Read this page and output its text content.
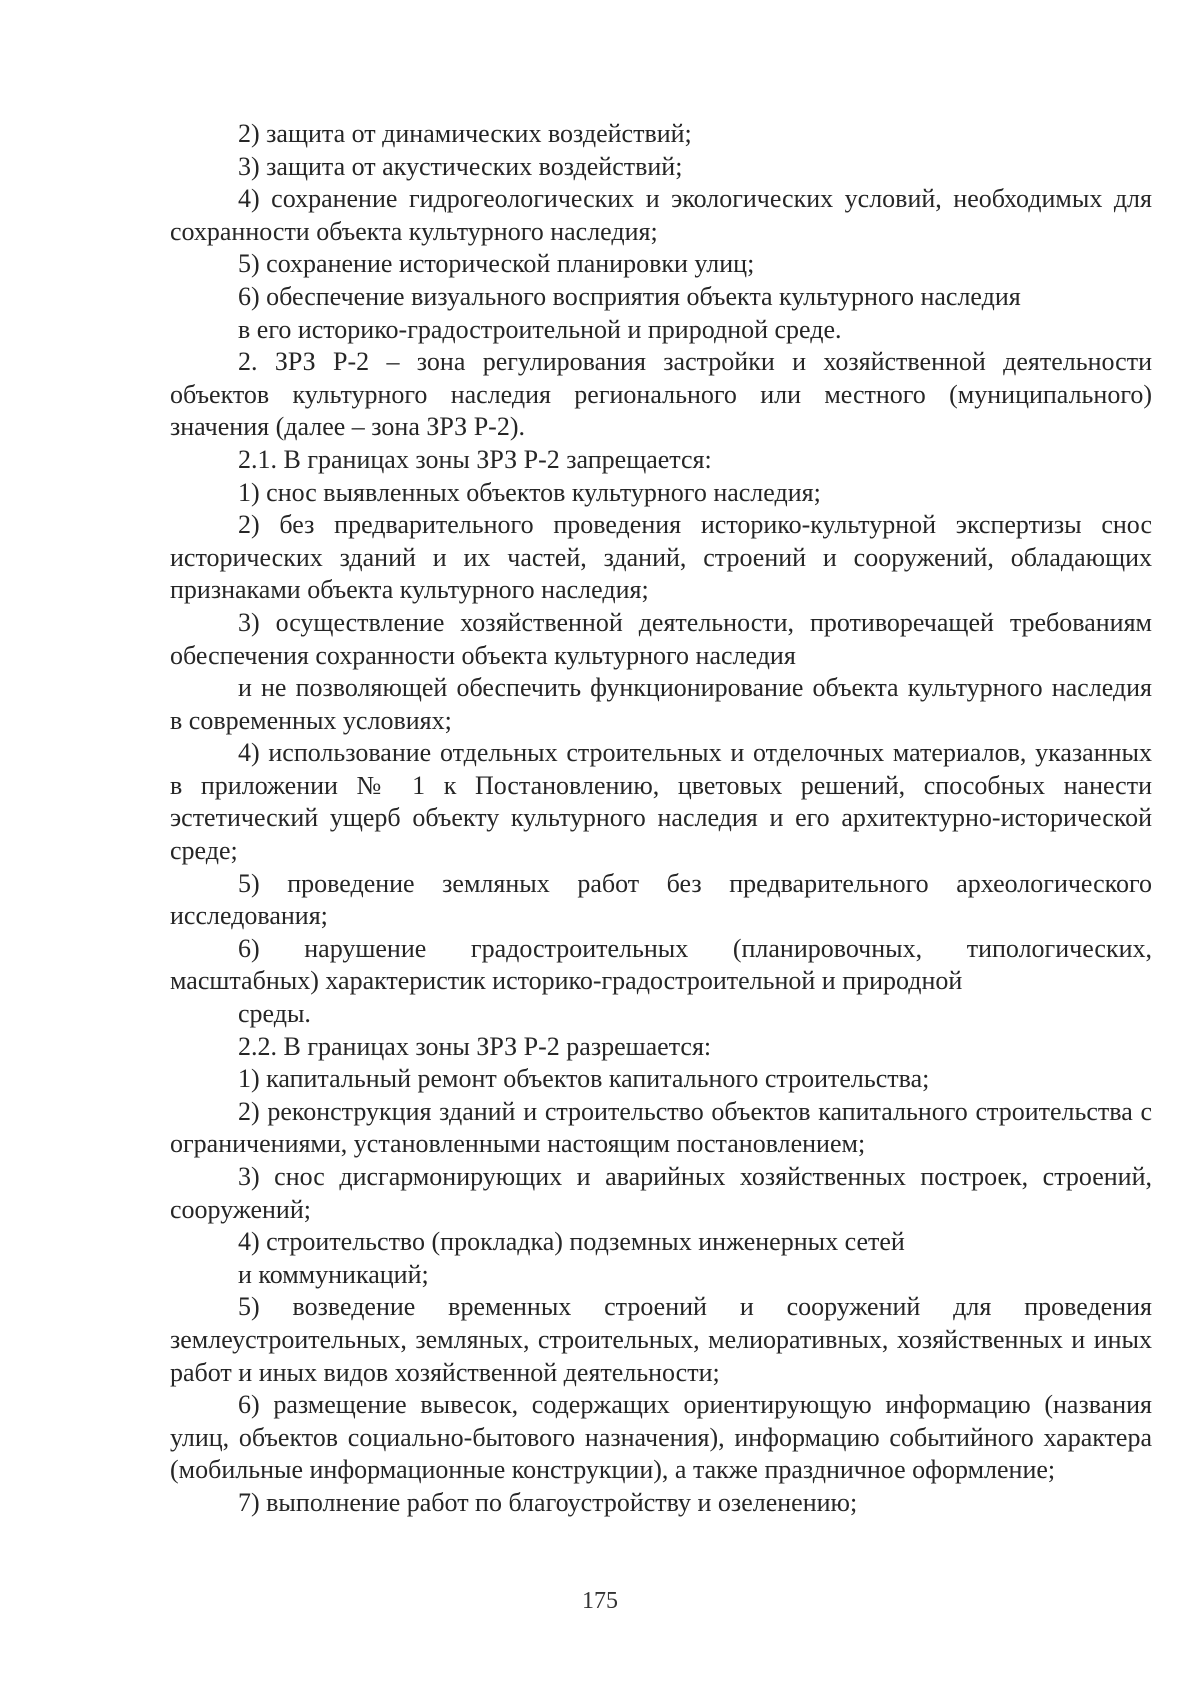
2) защита от динамических воздействий;

3) защита от акустических воздействий;

4) сохранение гидрогеологических и экологических условий, необходимых для сохранности объекта культурного наследия;

5) сохранение исторической планировки улиц;

6) обеспечение визуального восприятия объекта культурного наследия

в его историко-градостроительной и природной среде.

2. ЗРЗ Р-2 – зона регулирования застройки и хозяйственной деятельности объектов культурного наследия регионального или местного (муниципального) значения (далее – зона ЗРЗ Р-2).

2.1. В границах зоны ЗРЗ Р-2 запрещается:

1) снос выявленных объектов культурного наследия;

2) без предварительного проведения историко-культурной экспертизы снос исторических зданий и их частей, зданий, строений и сооружений, обладающих признаками объекта культурного наследия;

3) осуществление хозяйственной деятельности, противоречащей требованиям обеспечения сохранности объекта культурного наследия

и не позволяющей обеспечить функционирование объекта культурного наследия в современных условиях;

4) использование отдельных строительных и отделочных материалов, указанных в приложении № 1 к Постановлению, цветовых решений, способных нанести эстетический ущерб объекту культурного наследия и его архитектурно-исторической среде;

5) проведение земляных работ без предварительного археологического исследования;

6) нарушение градостроительных (планировочных, типологических, масштабных) характеристик историко-градостроительной и природной

среды.

2.2. В границах зоны ЗРЗ Р-2 разрешается:

1) капитальный ремонт объектов капитального строительства;

2) реконструкция зданий и строительство объектов капитального строительства с ограничениями, установленными настоящим постановлением;

3) снос дисгармонирующих и аварийных хозяйственных построек, строений, сооружений;

4) строительство (прокладка) подземных инженерных сетей

и коммуникаций;

5) возведение временных строений и сооружений для проведения землеустроительных, земляных, строительных, мелиоративных, хозяйственных и иных работ и иных видов хозяйственной деятельности;

6) размещение вывесок, содержащих ориентирующую информацию (названия улиц, объектов социально-бытового назначения), информацию событийного характера (мобильные информационные конструкции), а также праздничное оформление;

7) выполнение работ по благоустройству и озеленению;

175
